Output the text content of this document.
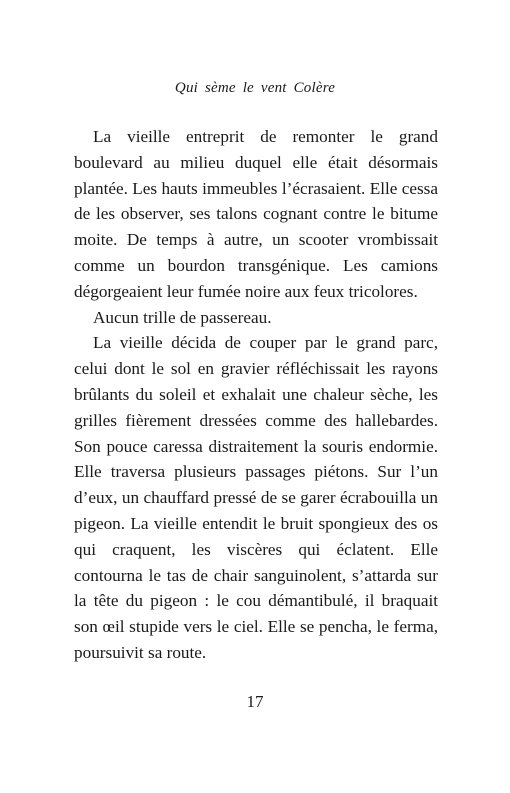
Qui sème le vent Colère

La vieille entreprit de remonter le grand boulevard au milieu duquel elle était désormais plantée. Les hauts immeubles l’écrasaient. Elle cessa de les observer, ses talons cognant contre le bitume moite. De temps à autre, un scooter vrombissait comme un bourdon transgénique. Les camions dégorgeaient leur fumée noire aux feux tricolores.

Aucun trille de passereau.

La vieille décida de couper par le grand parc, celui dont le sol en gravier réfléchissait les rayons brûlants du soleil et exhalait une chaleur sèche, les grilles fièrement dressées comme des hallebardes. Son pouce caressa distraitement la souris endormie. Elle traversa plusieurs passages piétons. Sur l’un d’eux, un chauffard pressé de se garer écrabouilla un pigeon. La vieille entendit le bruit spongieux des os qui craquent, les viscères qui éclatent. Elle contourna le tas de chair sanguinolent, s’attarda sur la tête du pigeon : le cou démantibulé, il braquait son œil stupide vers le ciel. Elle se pencha, le ferma, poursuivit sa route.

17
